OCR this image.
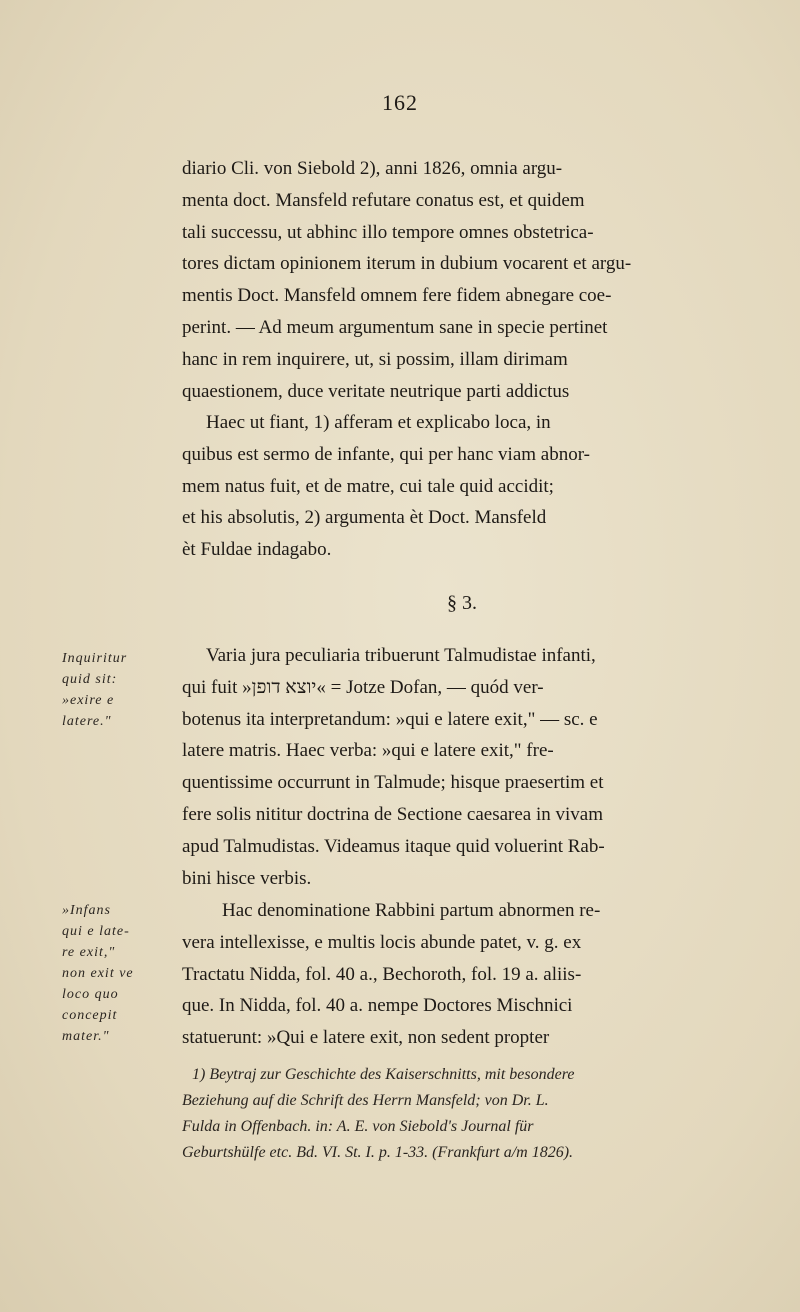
162
diario Cli. von Siebold 2), anni 1826, omnia argu-
menta doct. Mansfeld refutare conatus est, et quidem
tali successu, ut abhinc illo tempore omnes obstetrica-
tores dictam opinionem iterum in dubium vocarent et argu-
mentis Doct. Mansfeld omnem fere fidem abnegare coe-
perint. — Ad meum argumentum sane in specie pertinet
hanc in rem inquirere, ut, si possim, illam dirimam
quaestionem, duce veritate neutrique parti addictus
Haec ut fiant, 1) afferam et explicabo loca, in
quibus est sermo de infante, qui per hanc viam abnor-
mem natus fuit, et de matre, cui tale quid accidit;
et his absolutis, 2) argumenta èt Doct. Mansfeld
èt Fuldae indagabo.
§ 3.
Varia jura peculiaria tribuerunt Talmudistae infanti,
qui fuit »יוצא דופן« = Jotze Dofan, — quód ver-
botenus ita interpretandum: »qui e latere exit," — sc. e
latere matris. Haec verba: »qui e latere exit," fre-
quentissime occurrunt in Talmude; hisque praesertim et
fere solis nititur doctrina de Sectione caesarea in vivam
apud Talmudistas. Videamus itaque quid voluerint Rab-
bini hisce verbis.
Hac denominatione Rabbini partum abnormen re-
vera intellexisse, e multis locis abunde patet, v. g. ex
Tractatu Nidda, fol. 40 a., Bechoroth, fol. 19 a. aliis-
que. In Nidda, fol. 40 a. nempe Doctores Mischnici
statuerunt: »Qui e latere exit, non sedent propter
Inquiritur
quid sit:
»exire e
latere."
»Infans
qui e late-
re exit,"
non exit ve
loco quo
concepit
mater."
1) Beytraj zur Geschichte des Kaiserschnitts, mit besondere
Beziehung auf die Schrift des Herrn Mansfeld; von Dr. L.
Fulda in Offenbach. in: A. E. von Siebold's Journal für
Geburtshülfe etc. Bd. VI. St. I. p. 1-33. (Frankfurt a/m 1826).
